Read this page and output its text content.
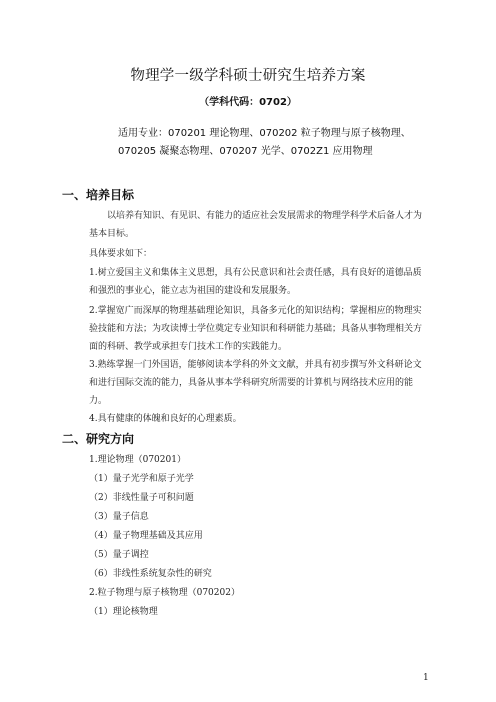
物理学一级学科硕士研究生培养方案
（学科代码：0702）
适用专业：070201 理论物理、070202 粒子物理与原子核物理、070205 凝聚态物理、070207 光学、0702Z1 应用物理
一、培养目标
以培养有知识、有见识、有能力的适应社会发展需求的物理学科学术后备人才为基本目标。
具体要求如下：
1.树立爱国主义和集体主义思想，具有公民意识和社会责任感，具有良好的道德品质和强烈的事业心，能立志为祖国的建设和发展服务。
2.掌握宽广而深厚的物理基础理论知识，具备多元化的知识结构；掌握相应的物理实验技能和方法；为攻读博士学位奠定专业知识和科研能力基础；具备从事物理相关方面的科研、教学或承担专门技术工作的实践能力。
3.熟练掌握一门外国语，能够阅读本学科的外文文献，并具有初步撰写外文科研论文和进行国际交流的能力，具备从事本学科研究所需要的计算机与网络技术应用的能力。
4.具有健康的体魄和良好的心理素质。
二、研究方向
1.理论物理（070201）
（1）量子光学和原子光学
（2）非线性量子可积问题
（3）量子信息
（4）量子物理基础及其应用
（5）量子调控
（6）非线性系统复杂性的研究
2.粒子物理与原子核物理（070202）
（1）理论核物理
1
